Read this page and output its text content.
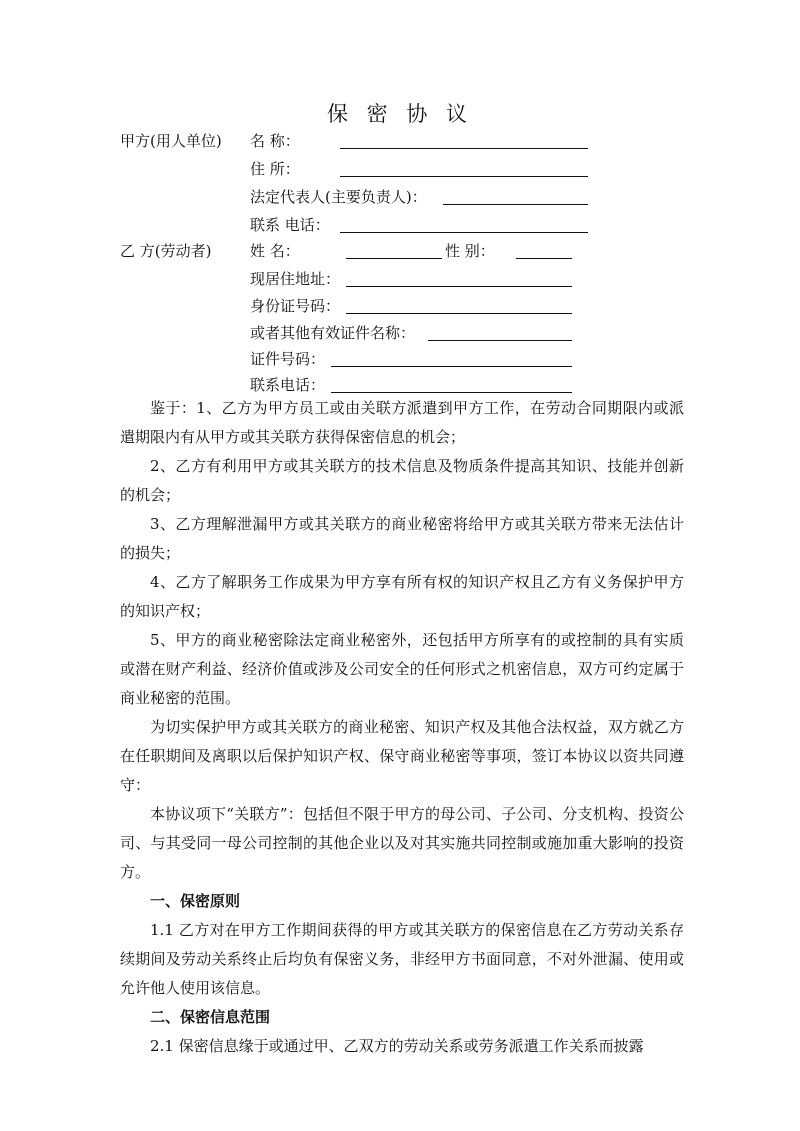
保 密 协 议
甲方(用人单位) 名 称：
住 所：
法定代表人(主要负责人)：
联系 电话：
乙 方(劳动者)	姓 名：	性 别：
现居住地址：
身份证号码：
或者其他有效证件名称：
证件号码：
联系电话：

鉴于：1、乙方为甲方员工或由关联方派遣到甲方工作，在劳动合同期限内或派遣期限内有从甲方或其关联方获得保密信息的机会；

2、乙方有利用甲方或其关联方的技术信息及物质条件提高其知识、技能并创新的机会；

3、乙方理解泄漏甲方或其关联方的商业秘密将给甲方或其关联方带来无法估计的损失；

4、乙方了解职务工作成果为甲方享有所有权的知识产权且乙方有义务保护甲方的知识产权；

5、甲方的商业秘密除法定商业秘密外，还包括甲方所享有的或控制的具有实质或潜在财产利益、经济价值或涉及公司安全的任何形式之机密信息，双方可约定属于商业秘密的范围。

为切实保护甲方或其关联方的商业秘密、知识产权及其他合法权益，双方就乙方在任职期间及离职以后保护知识产权、保守商业秘密等事项，签订本协议以资共同遵守：

本协议项下“关联方”：包括但不限于甲方的母公司、子公司、分支机构、投资公司、与其受同一母公司控制的其他企业以及对其实施共同控制或施加重大影响的投资方。

一、保密原则

1.1 乙方对在甲方工作期间获得的甲方或其关联方的保密信息在乙方劳动关系存续期间及劳动关系终止后均负有保密义务，非经甲方书面同意，不对外泄漏、使用或允许他人使用该信息。

二、保密信息范围

2.1 保密信息缘于或通过甲、乙双方的劳动关系或劳务派遣工作关系而披露
